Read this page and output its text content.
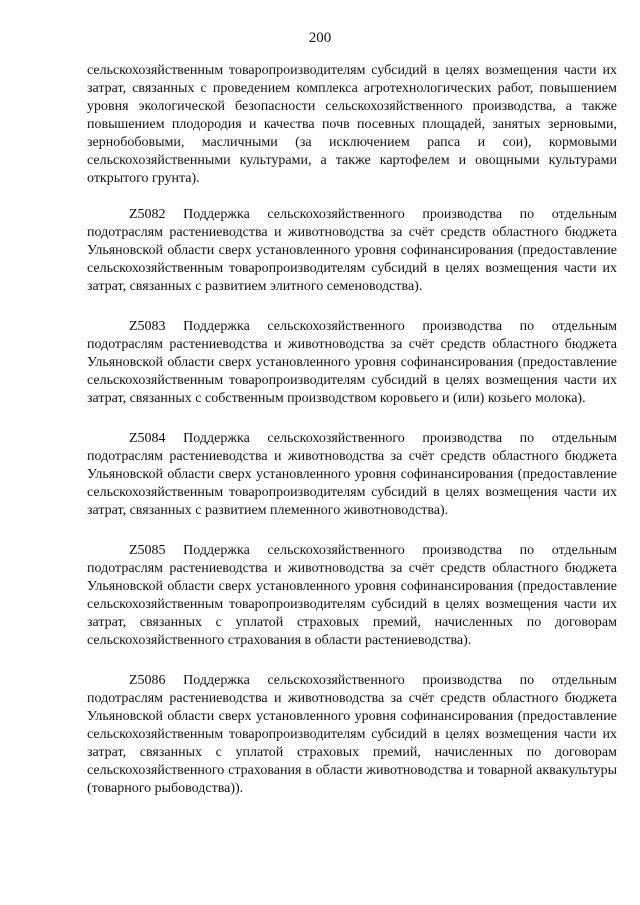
200

сельскохозяйственным товаропроизводителям субсидий в целях возмещения части их затрат, связанных с проведением комплекса агротехнологических работ, повышением уровня экологической безопасности сельскохозяйственного производства, а также повышением плодородия и качества почв посевных площадей, занятых зерновыми, зернобобовыми, масличными (за исключением рапса и сои), кормовыми сельскохозяйственными культурами, а также картофелем и овощными культурами открытого грунта).

Z5082 Поддержка сельскохозяйственного производства по отдельным подотраслям растениеводства и животноводства за счёт средств областного бюджета Ульяновской области сверх установленного уровня софинансирования (предоставление сельскохозяйственным товаропроизводителям субсидий в целях возмещения части их затрат, связанных с развитием элитного семеноводства).

Z5083 Поддержка сельскохозяйственного производства по отдельным подотраслям растениеводства и животноводства за счёт средств областного бюджета Ульяновской области сверх установленного уровня софинансирования (предоставление сельскохозяйственным товаропроизводителям субсидий в целях возмещения части их затрат, связанных с собственным производством коровьего и (или) козьего молока).

Z5084 Поддержка сельскохозяйственного производства по отдельным подотраслям растениеводства и животноводства за счёт средств областного бюджета Ульяновской области сверх установленного уровня софинансирования (предоставление сельскохозяйственным товаропроизводителям субсидий в целях возмещения части их затрат, связанных с развитием племенного животноводства).

Z5085 Поддержка сельскохозяйственного производства по отдельным подотраслям растениеводства и животноводства за счёт средств областного бюджета Ульяновской области сверх установленного уровня софинансирования (предоставление сельскохозяйственным товаропроизводителям субсидий в целях возмещения части их затрат, связанных с уплатой страховых премий, начисленных по договорам сельскохозяйственного страхования в области растениеводства).

Z5086 Поддержка сельскохозяйственного производства по отдельным подотраслям растениеводства и животноводства за счёт средств областного бюджета Ульяновской области сверх установленного уровня софинансирования (предоставление сельскохозяйственным товаропроизводителям субсидий в целях возмещения части их затрат, связанных с уплатой страховых премий, начисленных по договорам сельскохозяйственного страхования в области животноводства и товарной аквакультуры (товарного рыбоводства)).
